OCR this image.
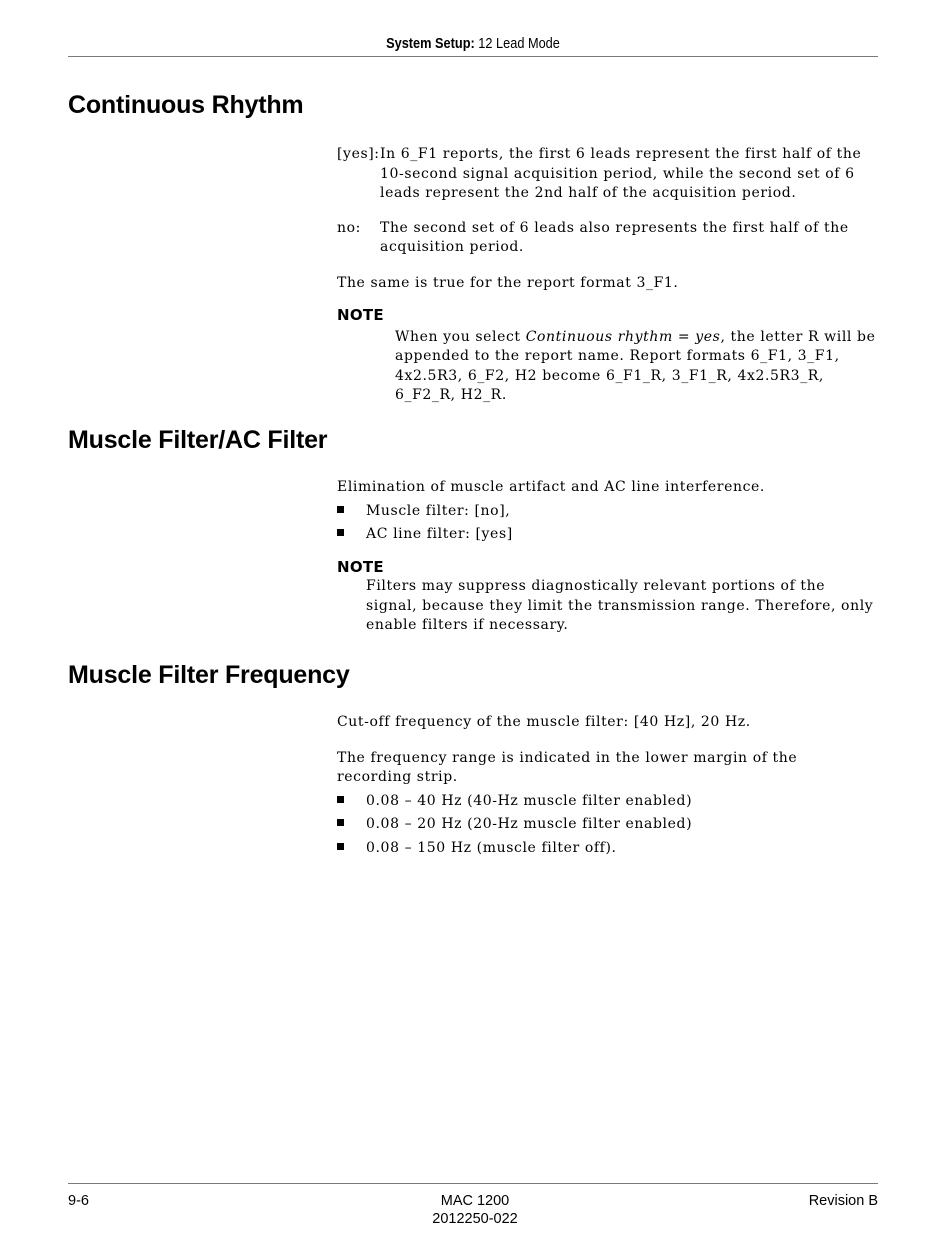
System Setup: 12 Lead Mode
Continuous Rhythm
[yes]: In 6_F1 reports, the first 6 leads represent the first half of the 10-second signal acquisition period, while the second set of 6 leads represent the 2nd half of the acquisition period.
no:	The second set of 6 leads also represents the first half of the acquisition period.

The same is true for the report format 3_F1.

NOTE

When you select Continuous rhythm = yes, the letter R will be appended to the report name. Report formats 6_F1, 3_F1, 4x2.5R3, 6_F2, H2 become 6_F1_R, 3_F1_R, 4x2.5R3_R, 6_F2_R, H2_R.

Muscle Filter/AC Filter

Elimination of muscle artifact and AC line interference.

Muscle filter: [no],
AC line filter: [yes]
NOTE

Filters may suppress diagnostically relevant portions of the signal, because they limit the transmission range. Therefore, only enable filters if necessary.

Muscle Filter Frequency

Cut-off frequency of the muscle filter: [40 Hz], 20 Hz.

The frequency range is indicated in the lower margin of the recording strip.

0.08 – 40 Hz (40-Hz muscle filter enabled)
0.08 – 20 Hz (20-Hz muscle filter enabled)
0.08 – 150 Hz (muscle filter off).
9-6	MAC 1200
2012250-022
Revision B
